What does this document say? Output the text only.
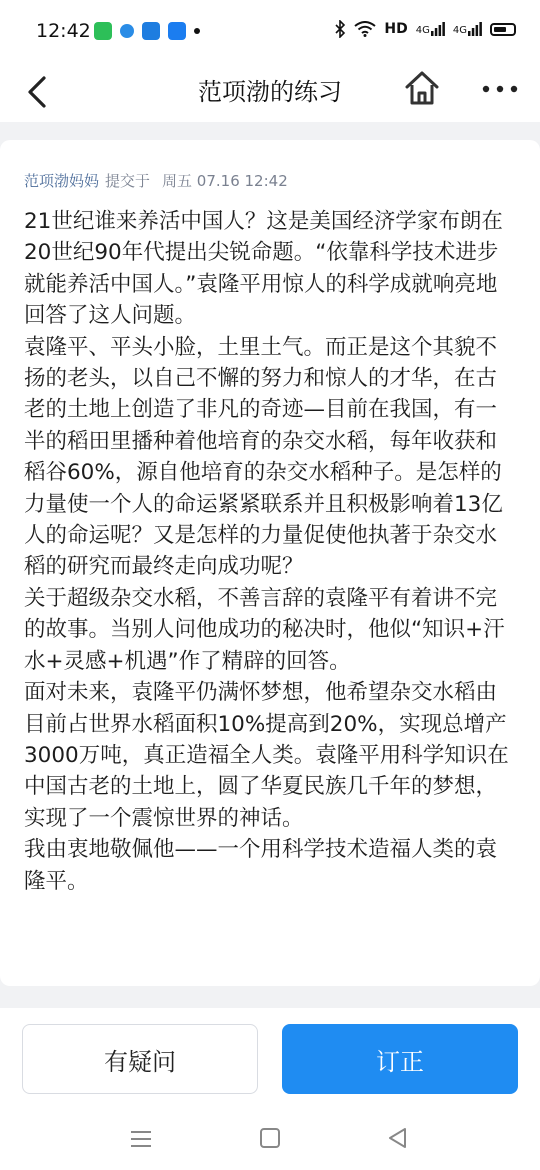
12:42	HD 4G 4G
范项渤的练习
范项渤妈妈 提交于 周五 07.16 12:42
21世纪谁来养活中国人？这是美国经济学家布朗在20世纪90年代提出尖锐命题。“依靠科学技术进步就能养活中国人。”袁隆平用惊人的科学成就响亮地回答了这人问题。
袁隆平、平头小脸，土里土气。而正是这个其貌不扬的老头，以自己不懈的努力和惊人的才华，在古老的土地上创造了非凡的奇迹—目前在我国，有一半的稻田里播种着他培育的杂交水稻，每年收获和稻谷60%，源自他培育的杂交水稻种子。是怎样的力量使一个人的命运紧紧联系并且积极影响着13亿人的命运呢？又是怎样的力量促使他执著于杂交水稻的研究而最终走向成功呢？
关于超级杂交水稻，不善言辞的袁隆平有着讲不完的故事。当别人问他成功的秘决时，他似“知识+汗水+灵感+机遇”作了精辟的回答。
面对未来，袁隆平仍满怀梦想，他希望杂交水稻由目前占世界水稻面积10%提高到20%，实现总增产3000万吨，真正造福全人类。袁隆平用科学知识在中国古老的土地上，圆了华夏民族几千年的梦想，实现了一个震惊世界的神话。
我由衷地敬佩他——一个用科学技术造福人类的袁隆平。
有疑问	订正
